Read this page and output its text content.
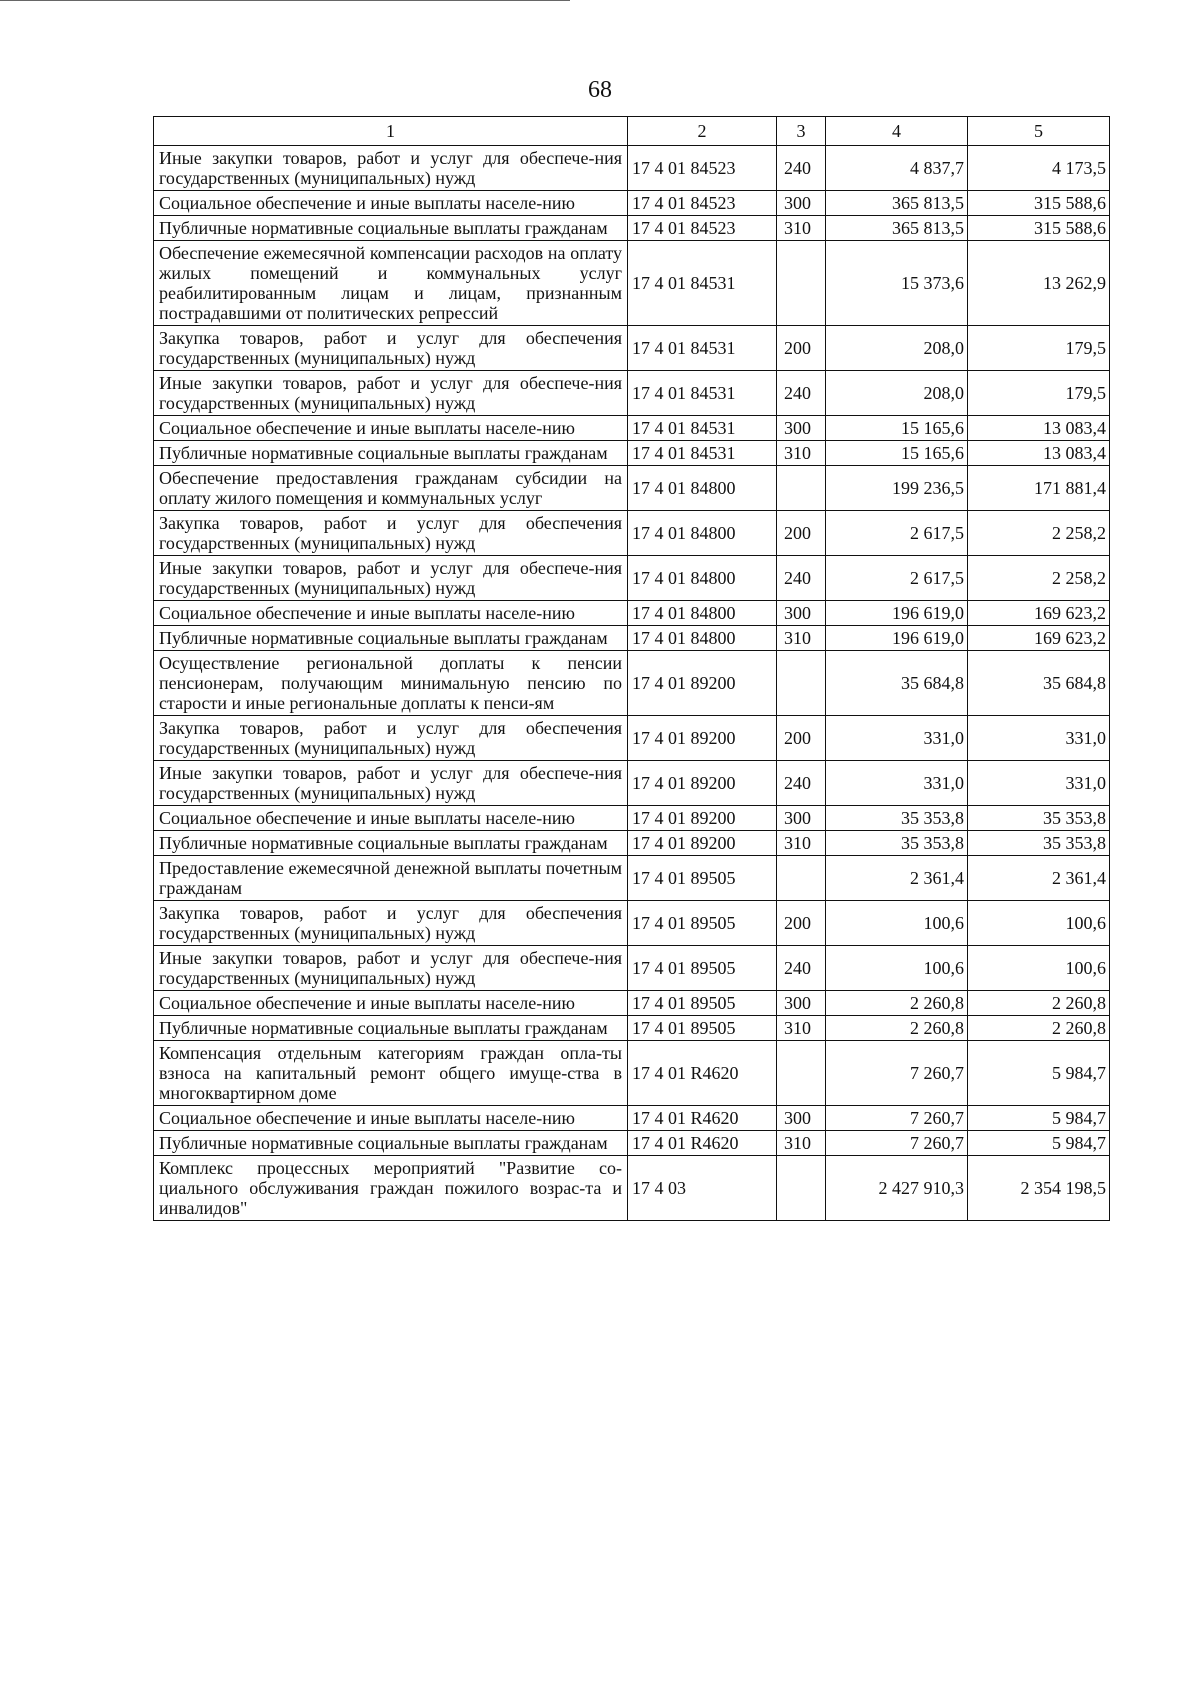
68
1	2	3	4	5
Иные закупки товаров, работ и услуг для обеспече-ния государственных (муниципальных) нужд	17 4 01 84523	240	4 837,7	4 173,5
Социальное обеспечение и иные выплаты населе-нию	17 4 01 84523	300	365 813,5	315 588,6
Публичные нормативные социальные выплаты гражданам	17 4 01 84523	310	365 813,5	315 588,6
Обеспечение ежемесячной компенсации расходов на оплату жилых помещений и коммунальных услуг реабилитированным лицам и лицам, признанным пострадавшими от политических репрессий	17 4 01 84531		15 373,6	13 262,9
Закупка товаров, работ и услуг для обеспечения государственных (муниципальных) нужд	17 4 01 84531	200	208,0	179,5
Иные закупки товаров, работ и услуг для обеспече-ния государственных (муниципальных) нужд	17 4 01 84531	240	208,0	179,5
Социальное обеспечение и иные выплаты населе-нию	17 4 01 84531	300	15 165,6	13 083,4
Публичные нормативные социальные выплаты гражданам	17 4 01 84531	310	15 165,6	13 083,4
Обеспечение предоставления гражданам субсидии на оплату жилого помещения и коммунальных услуг	17 4 01 84800		199 236,5	171 881,4
Закупка товаров, работ и услуг для обеспечения государственных (муниципальных) нужд	17 4 01 84800	200	2 617,5	2 258,2
Иные закупки товаров, работ и услуг для обеспече-ния государственных (муниципальных) нужд	17 4 01 84800	240	2 617,5	2 258,2
Социальное обеспечение и иные выплаты населе-нию	17 4 01 84800	300	196 619,0	169 623,2
Публичные нормативные социальные выплаты гражданам	17 4 01 84800	310	196 619,0	169 623,2
Осуществление региональной доплаты к пенсии пенсионерам, получающим минимальную пенсию по старости и иные региональные доплаты к пенси-ям	17 4 01 89200		35 684,8	35 684,8
Закупка товаров, работ и услуг для обеспечения государственных (муниципальных) нужд	17 4 01 89200	200	331,0	331,0
Иные закупки товаров, работ и услуг для обеспече-ния государственных (муниципальных) нужд	17 4 01 89200	240	331,0	331,0
Социальное обеспечение и иные выплаты населе-нию	17 4 01 89200	300	35 353,8	35 353,8
Публичные нормативные социальные выплаты гражданам	17 4 01 89200	310	35 353,8	35 353,8
Предоставление ежемесячной денежной выплаты почетным гражданам	17 4 01 89505		2 361,4	2 361,4
Закупка товаров, работ и услуг для обеспечения государственных (муниципальных) нужд	17 4 01 89505	200	100,6	100,6
Иные закупки товаров, работ и услуг для обеспече-ния государственных (муниципальных) нужд	17 4 01 89505	240	100,6	100,6
Социальное обеспечение и иные выплаты населе-нию	17 4 01 89505	300	2 260,8	2 260,8
Публичные нормативные социальные выплаты гражданам	17 4 01 89505	310	2 260,8	2 260,8
Компенсация отдельным категориям граждан опла-ты взноса на капитальный ремонт общего имуще-ства в многоквартирном доме	17 4 01 R4620		7 260,7	5 984,7
Социальное обеспечение и иные выплаты населе-нию	17 4 01 R4620	300	7 260,7	5 984,7
Публичные нормативные социальные выплаты гражданам	17 4 01 R4620	310	7 260,7	5 984,7
Комплекс процессных мероприятий "Развитие со-циального обслуживания граждан пожилого возрас-та и инвалидов"	17 4 03		2 427 910,3	2 354 198,5
